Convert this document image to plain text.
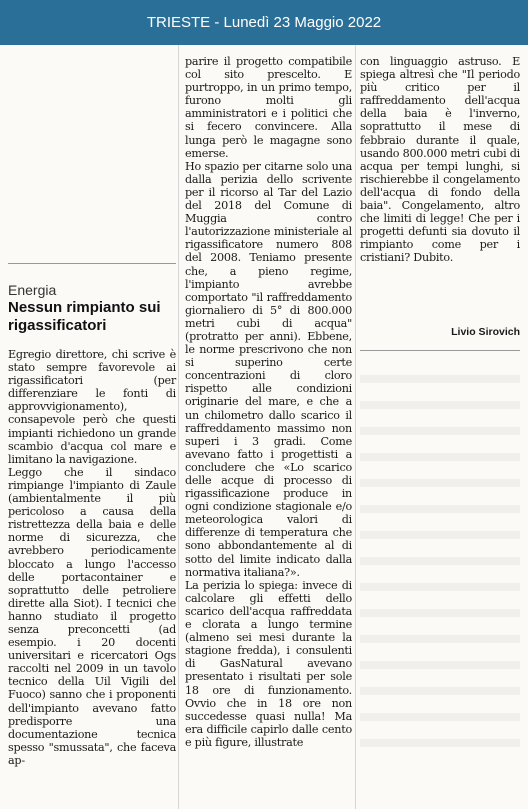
TRIESTE - Lunedì 23 Maggio 2022
Energia
Nessun rimpianto sui rigassificatori

Egregio direttore, chi scrive è stato sempre favorevole ai rigassificatori (per differenziare le fonti di approvvigionamento), consapevole però che questi impianti richiedono un grande scambio d'acqua col mare e limitano la navigazione.

Leggo che il sindaco rimpiange l'impianto di Zaule (ambientalmente il più pericoloso a causa della ristrettezza della baia e delle norme di sicurezza, che avrebbero periodicamente bloccato a lungo l'accesso delle portacontainer e soprattutto delle petroliere dirette alla Siot). I tecnici che hanno studiato il progetto senza preconcetti (ad esempio. i 20 docenti universitari e ricercatori Ogs raccolti nel 2009 in un tavolo tecnico della Uil Vigili del Fuoco) sanno che i proponenti dell'impianto avevano fatto predisporre una documentazione tecnica spesso "smussata", che faceva ap-

parire il progetto compatibile col sito prescelto. E purtroppo, in un primo tempo, furono molti gli amministratori e i politici che si fecero convincere. Alla lunga però le magagne sono emerse.

Ho spazio per citarne solo una dalla perizia dello scrivente per il ricorso al Tar del Lazio del 2018 del Comune di Muggia contro l'autorizzazione ministeriale al rigassificatore numero 808 del 2008. Teniamo presente che, a pieno regime, l'impianto avrebbe comportato "il raffreddamento giornaliero di 5° di 800.000 metri cubi di acqua" (protratto per anni). Ebbene, le norme prescrivono che non si superino certe concentrazioni di cloro rispetto alle condizioni originarie del mare, e che a un chilometro dallo scarico il raffreddamento massimo non superi i 3 gradi. Come avevano fatto i progettisti a concludere che «Lo scarico delle acque di processo di rigassificazione produce in ogni condizione stagionale e/o meteorologica valori di differenze di temperatura che sono abbondantemente al di sotto del limite indicato dalla normativa italiana?».

La perizia lo spiega: invece di calcolare gli effetti dello scarico dell'acqua raffreddata e clorata a lungo termine (almeno sei mesi durante la stagione fredda), i consulenti di GasNatural avevano presentato i risultati per sole 18 ore di funzionamento. Ovvio che in 18 ore non succedesse quasi nulla! Ma era difficile capirlo dalle cento e più figure, illustrate

con linguaggio astruso. E spiega altresì che "Il periodo più critico per il raffreddamento dell'acqua della baia è l'inverno, soprattutto il mese di febbraio durante il quale, usando 800.000 metri cubi di acqua per tempi lunghi, si rischierebbe il congelamento dell'acqua di fondo della baia". Congelamento, altro che limiti di legge! Che per i progetti defunti sia dovuto il rimpianto come per i cristiani? Dubito.

Livio Sirovich
